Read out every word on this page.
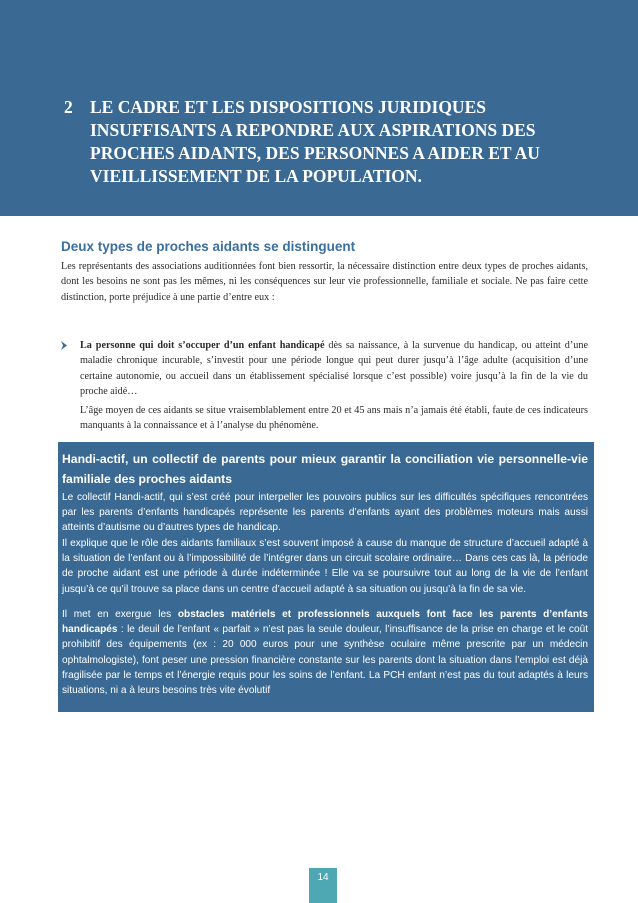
2 LE CADRE ET LES DISPOSITIONS JURIDIQUES INSUFFISANTS A REPONDRE AUX ASPIRATIONS DES PROCHES AIDANTS, DES PERSONNES A AIDER ET AU VIEILLISSEMENT DE LA POPULATION.
Deux types de proches aidants se distinguent

Les représentants des associations auditionnées font bien ressortir, la nécessaire distinction entre deux types de proches aidants, dont les besoins ne sont pas les mêmes, ni les conséquences sur leur vie professionnelle, familiale et sociale. Ne pas faire cette distinction, porte préjudice à une partie d’entre eux :

La personne qui doit s’occuper d’un enfant handicapé dès sa naissance, à la survenue du handicap, ou atteint d’une maladie chronique incurable, s’investit pour une période longue qui peut durer jusqu’à l’âge adulte (acquisition d’une certaine autonomie, ou accueil dans un établissement spécialisé lorsque c’est possible) voire jusqu’à la fin de la vie du proche aidé…

L’âge moyen de ces aidants se situe vraisemblablement entre 20 et 45 ans mais n’a jamais été établi, faute de ces indicateurs manquants à la connaissance et à l’analyse du phénomène.

Handi-actif, un collectif de parents pour mieux garantir la conciliation vie personnelle-vie familiale des proches aidants

Le collectif Handi-actif, qui s’est créé pour interpeller les pouvoirs publics sur les difficultés spécifiques rencontrées par les parents d’enfants handicapés représente les parents d’enfants ayant des problèmes moteurs mais aussi atteints d’autisme ou d’autres types de handicap.

Il explique que le rôle des aidants familiaux s’est souvent imposé à cause du manque de structure d’accueil adapté à la situation de l’enfant ou à l’impossibilité de l’intégrer dans un circuit scolaire ordinaire… Dans ces cas là, la période de proche aidant est une période à durée indéterminée ! Elle va se poursuivre tout au long de la vie de l’enfant jusqu’à ce qu’il trouve sa place dans un centre d’accueil adapté à sa situation ou jusqu’à la fin de sa vie.

Il met en exergue les obstacles matériels et professionnels auxquels font face les parents d’enfants handicapés : le deuil de l’enfant « parfait » n’est pas la seule douleur, l’insuffisance de la prise en charge et le coût prohibitif des équipements (ex : 20 000 euros pour une synthèse oculaire même prescrite par un médecin ophtalmologiste), font peser une pression financière constante sur les parents dont la situation dans l’emploi est déjà fragilisée par le temps et l’énergie requis pour les soins de l’enfant. La PCH enfant n’est pas du tout adaptés à leurs situations, ni a à leurs besoins très vite évolutif

14
